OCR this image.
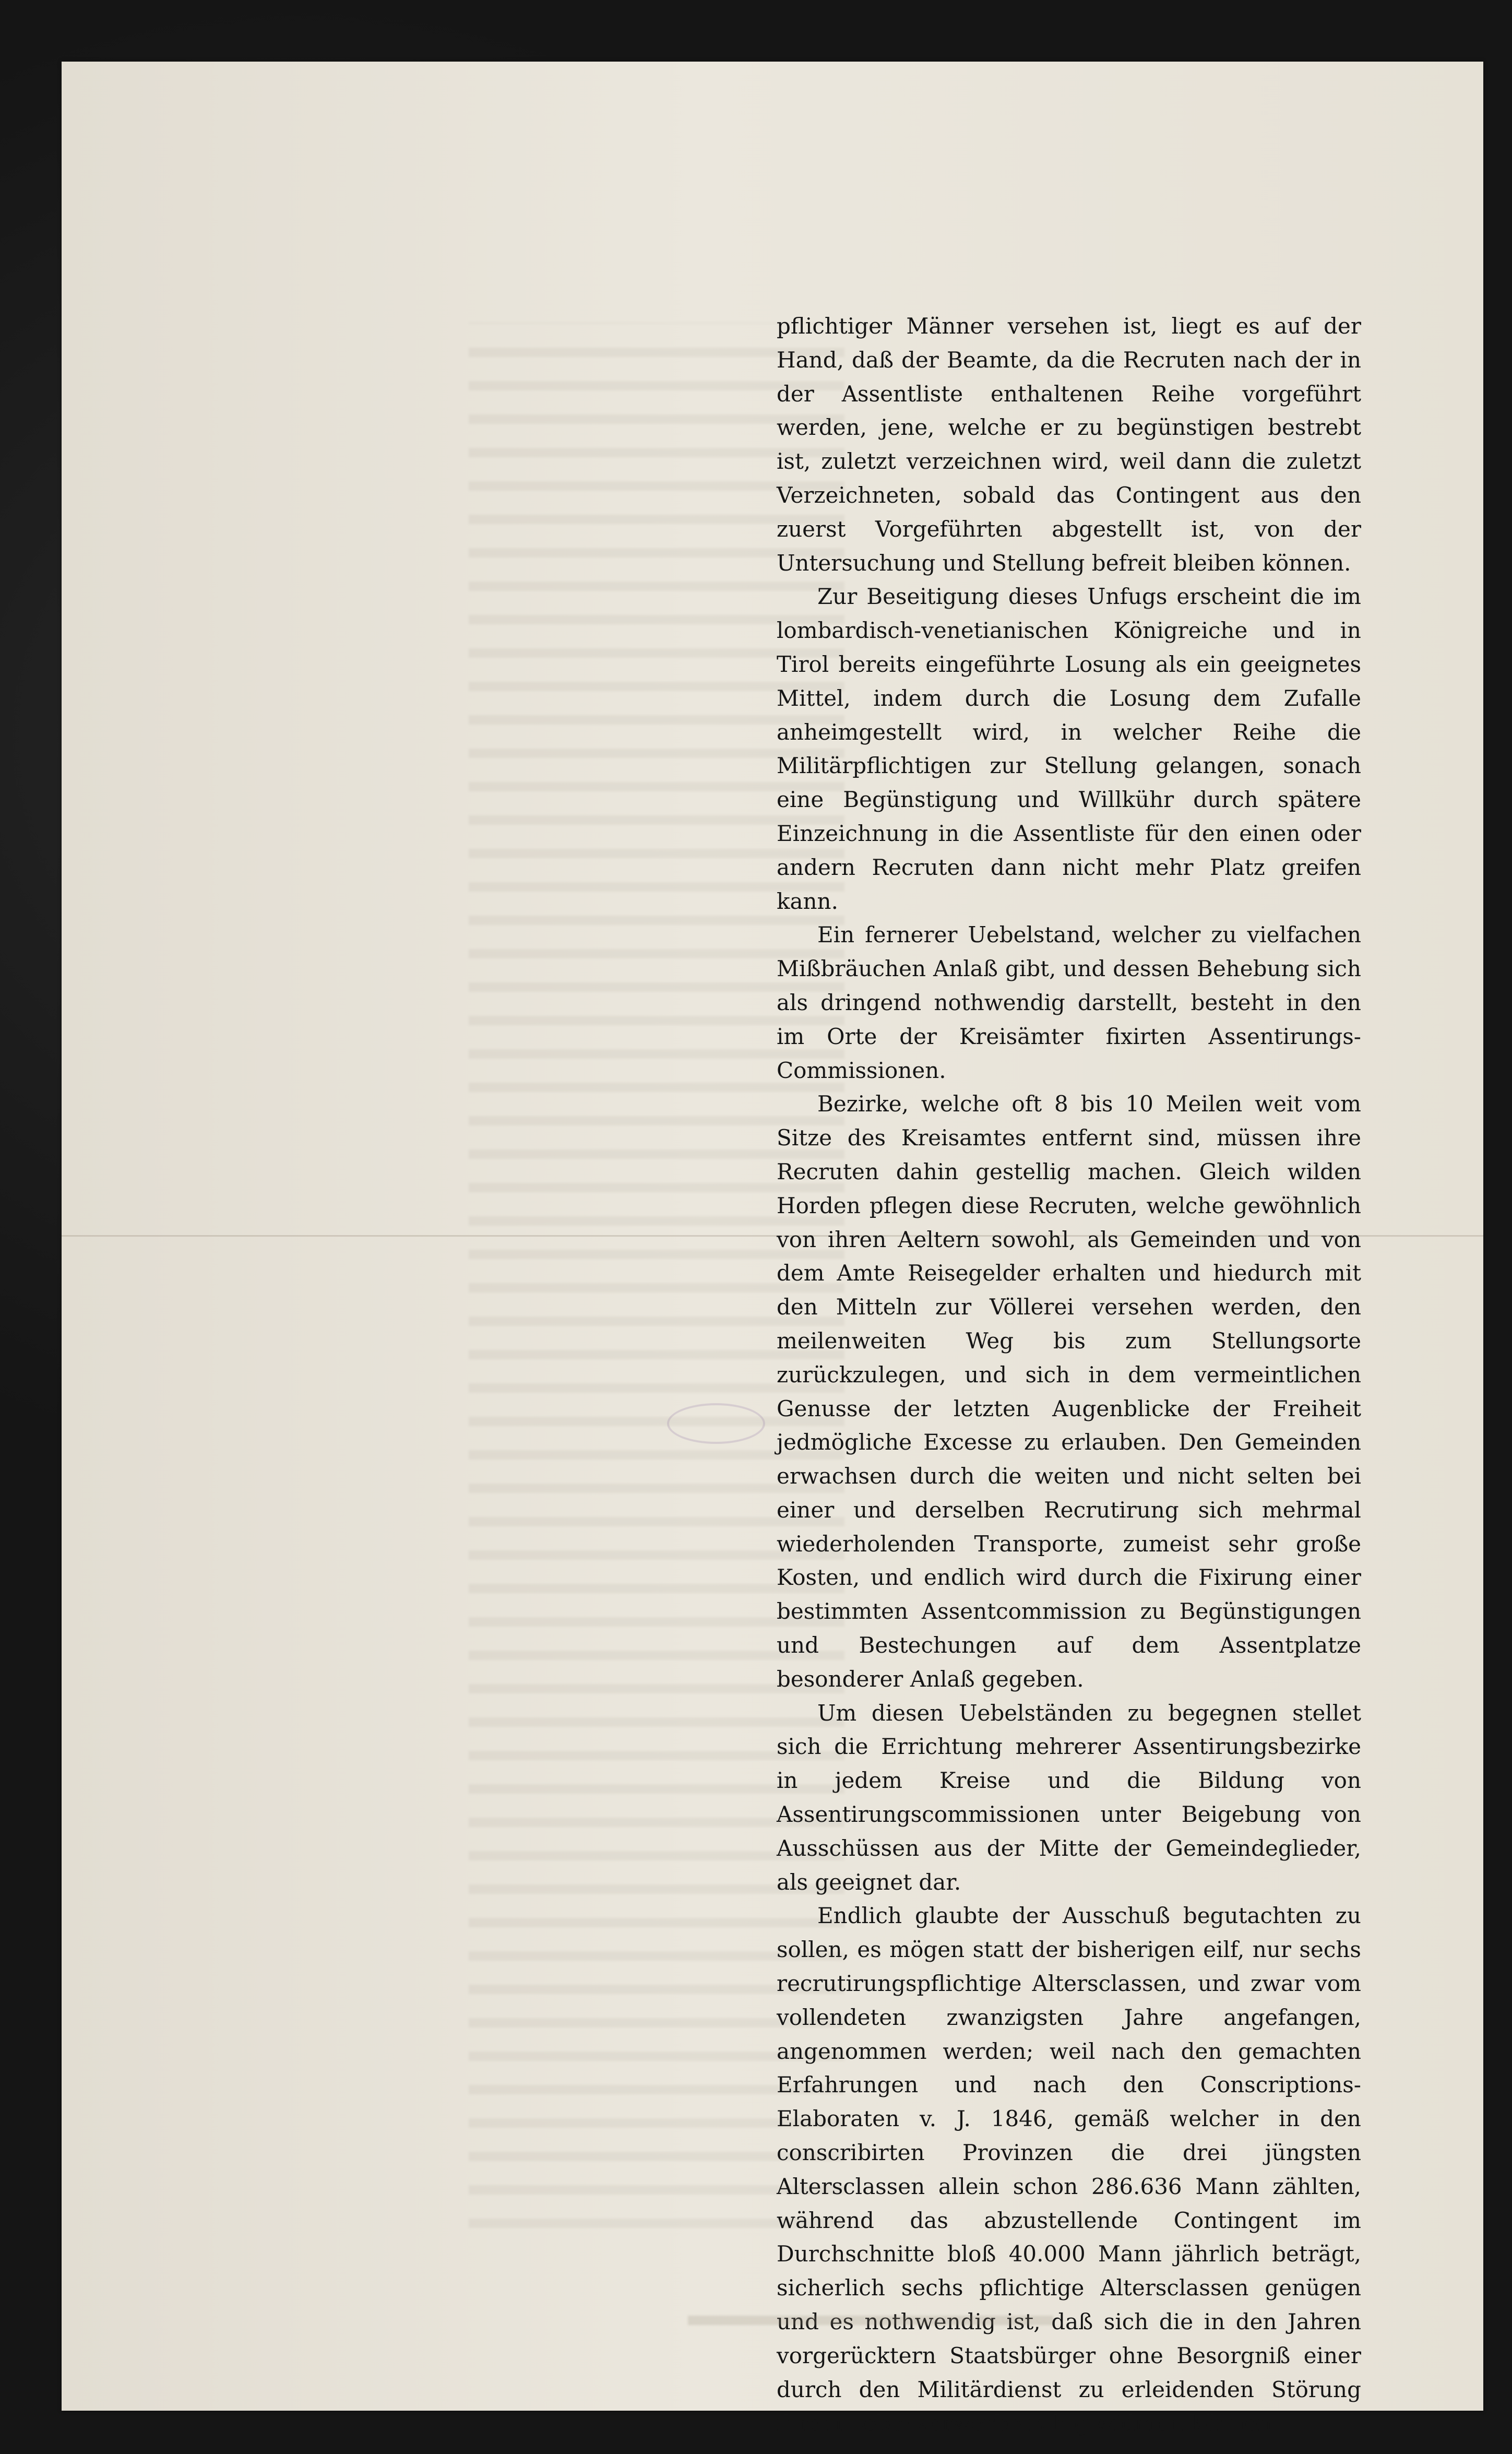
pflichtiger Männer versehen ist, liegt es auf der Hand, daß der Beamte, da die Recruten nach der in der Assentliste enthaltenen Reihe vorgeführt werden, jene, welche er zu begünstigen bestrebt ist, zuletzt verzeichnen wird, weil dann die zuletzt Verzeichneten, sobald das Contingent aus den zuerst Vorgeführten abgestellt ist, von der Untersuchung und Stellung befreit bleiben können.

Zur Beseitigung dieses Unfugs erscheint die im lombardisch-venetianischen Königreiche und in Tirol bereits eingeführte Losung als ein geeignetes Mittel, indem durch die Losung dem Zufalle anheimgestellt wird, in welcher Reihe die Militärpflichtigen zur Stellung gelangen, sonach eine Begünstigung und Willkühr durch spätere Einzeichnung in die Assentliste für den einen oder andern Recruten dann nicht mehr Platz greifen kann.

Ein fernerer Uebelstand, welcher zu vielfachen Mißbräuchen Anlaß gibt, und dessen Behebung sich als dringend nothwendig darstellt, besteht in den im Orte der Kreisämter fixirten Assentirungs-Commissionen.

Bezirke, welche oft 8 bis 10 Meilen weit vom Sitze des Kreisamtes entfernt sind, müssen ihre Recruten dahin gestellig machen. Gleich wilden Horden pflegen diese Recruten, welche gewöhnlich von ihren Aeltern sowohl, als Gemeinden und von dem Amte Reisegelder erhalten und hiedurch mit den Mitteln zur Völlerei versehen werden, den meilenweiten Weg bis zum Stellungsorte zurückzulegen, und sich in dem vermeintlichen Genusse der letzten Augenblicke der Freiheit jedmögliche Excesse zu erlauben. Den Gemeinden erwachsen durch die weiten und nicht selten bei einer und derselben Recrutirung sich mehrmal wiederholenden Transporte, zumeist sehr große Kosten, und endlich wird durch die Fixirung einer bestimmten Assentcommission zu Begünstigungen und Bestechungen auf dem Assentplatze besonderer Anlaß gegeben.

Um diesen Uebelständen zu begegnen stellet sich die Errichtung mehrerer Assentirungsbezirke in jedem Kreise und die Bildung von Assentirungscommissionen unter Beigebung von Ausschüssen aus der Mitte der Gemeindeglieder, als geeignet dar.

Endlich glaubte der Ausschuß begutachten zu sollen, es mögen statt der bisherigen eilf, nur sechs recrutirungspflichtige Altersclassen, und zwar vom vollendeten zwanzigsten Jahre angefangen, angenommen werden; weil nach den gemachten Erfahrungen und nach den Conscriptions-Elaboraten v. J. 1846, gemäß welcher in den conscribirten Provinzen die drei jüngsten Altersclassen allein schon 286.636 Mann zählten, während das abzustellende Contingent im Durchschnitte bloß 40.000 Mann jährlich beträgt, sicherlich sechs pflichtige Altersclassen genügen und es nothwendig ist, daß sich die in den Jahren vorgerücktern Staatsbürger ohne Besorgniß einer durch den Militärdienst zu erleidenden Störung ihrem Lebenserwerbe ruhig widmen können.
